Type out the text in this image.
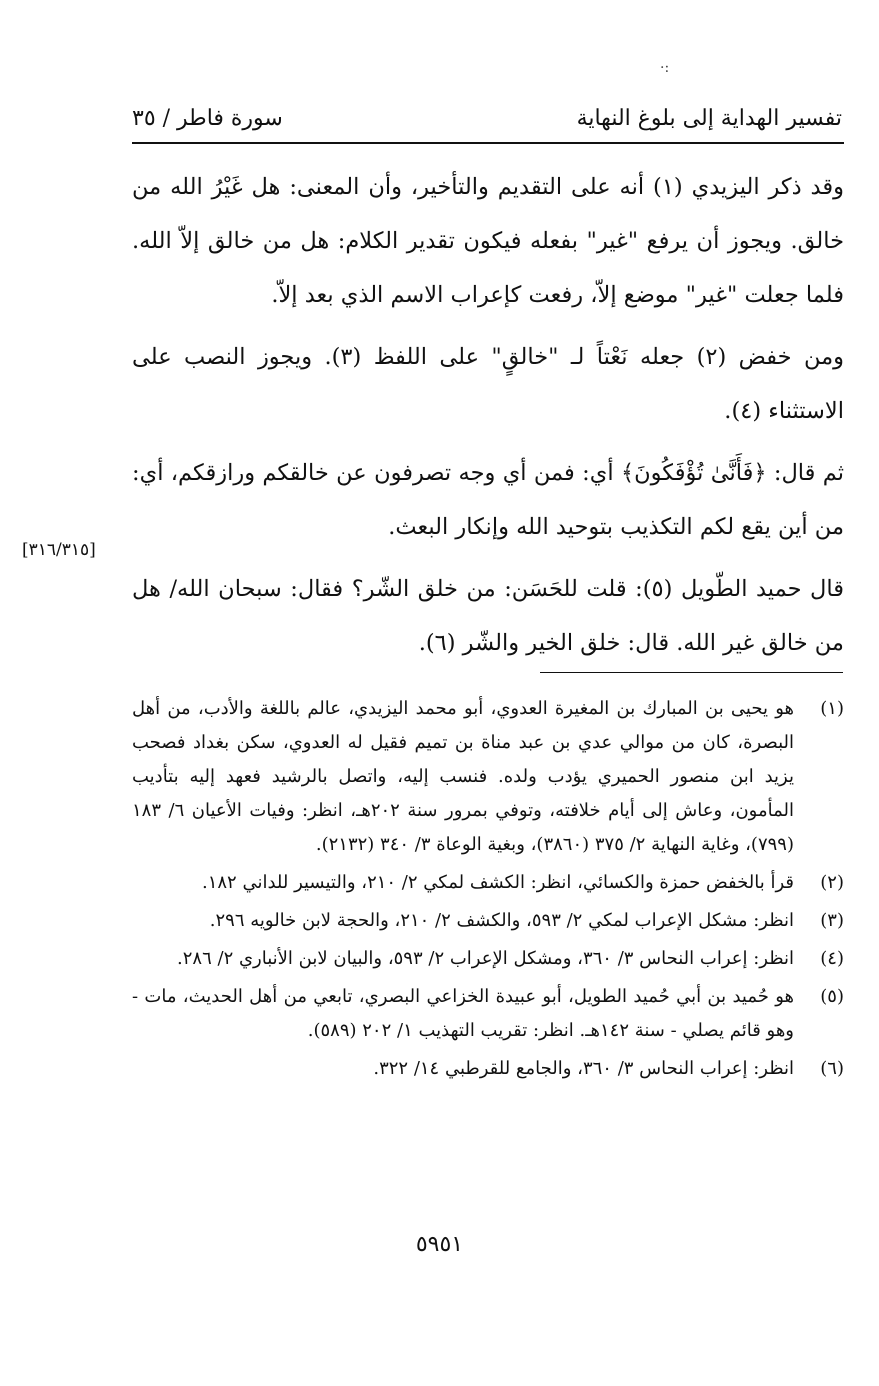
·:
تفسير الهداية إلى بلوغ النهاية
سورة فاطر / ٣٥

وقد ذكر اليزيدي (١) أنه على التقديم والتأخير، وأن المعنى: هل غَيْرُ الله من خالق. ويجوز أن يرفع "غير" بفعله فيكون تقدير الكلام: هل من خالق إلاّ الله. فلما جعلت "غير" موضع إلاّ، رفعت كإعراب الاسم الذي بعد إلاّ.

ومن خفض (٢) جعله نَعْتاً لـ "خالقٍ" على اللفظ (٣). ويجوز النصب على الاستثناء (٤).

ثم قال: ﴿فَأَنَّىٰ تُؤْفَكُونَ﴾ أي: فمن أي وجه تصرفون عن خالقكم ورازقكم، أي: من أين يقع لكم التكذيب بتوحيد الله وإنكار البعث.

قال حميد الطّويل (٥): قلت للحَسَن: من خلق الشّر؟ فقال: سبحان الله/ هل من خالق غير الله. قال: خلق الخير والشّر (٦).

[٣١٦/٣١٥]
(١)
هو يحيى بن المبارك بن المغيرة العدوي، أبو محمد اليزيدي، عالم باللغة والأدب، من أهل البصرة، كان من موالي عدي بن عبد مناة بن تميم فقيل له العدوي، سكن بغداد فصحب يزيد ابن منصور الحميري يؤدب ولده. فنسب إليه، واتصل بالرشيد فعهد إليه بتأديب المأمون، وعاش إلى أيام خلافته، وتوفي بمرور سنة ٢٠٢هـ، انظر: وفيات الأعيان ٦/ ١٨٣ (٧٩٩)، وغاية النهاية ٢/ ٣٧٥ (٣٨٦٠)، وبغية الوعاة ٣/ ٣٤٠ (٢١٣٢).
(٢)
قرأ بالخفض حمزة والكسائي، انظر: الكشف لمكي ٢/ ٢١٠، والتيسير للداني ١٨٢.
(٣)
انظر: مشكل الإعراب لمكي ٢/ ٥٩٣، والكشف ٢/ ٢١٠، والحجة لابن خالويه ٢٩٦.
(٤)
انظر: إعراب النحاس ٣/ ٣٦٠، ومشكل الإعراب ٢/ ٥٩٣، والبيان لابن الأنباري ٢/ ٢٨٦.
(٥)
هو حُميد بن أبي حُميد الطويل، أبو عبيدة الخزاعي البصري، تابعي من أهل الحديث، مات - وهو قائم يصلي - سنة ١٤٢هـ. انظر: تقريب التهذيب ١/ ٢٠٢ (٥٨٩).
(٦)
انظر: إعراب النحاس ٣/ ٣٦٠، والجامع للقرطبي ١٤/ ٣٢٢.
٥٩٥١
